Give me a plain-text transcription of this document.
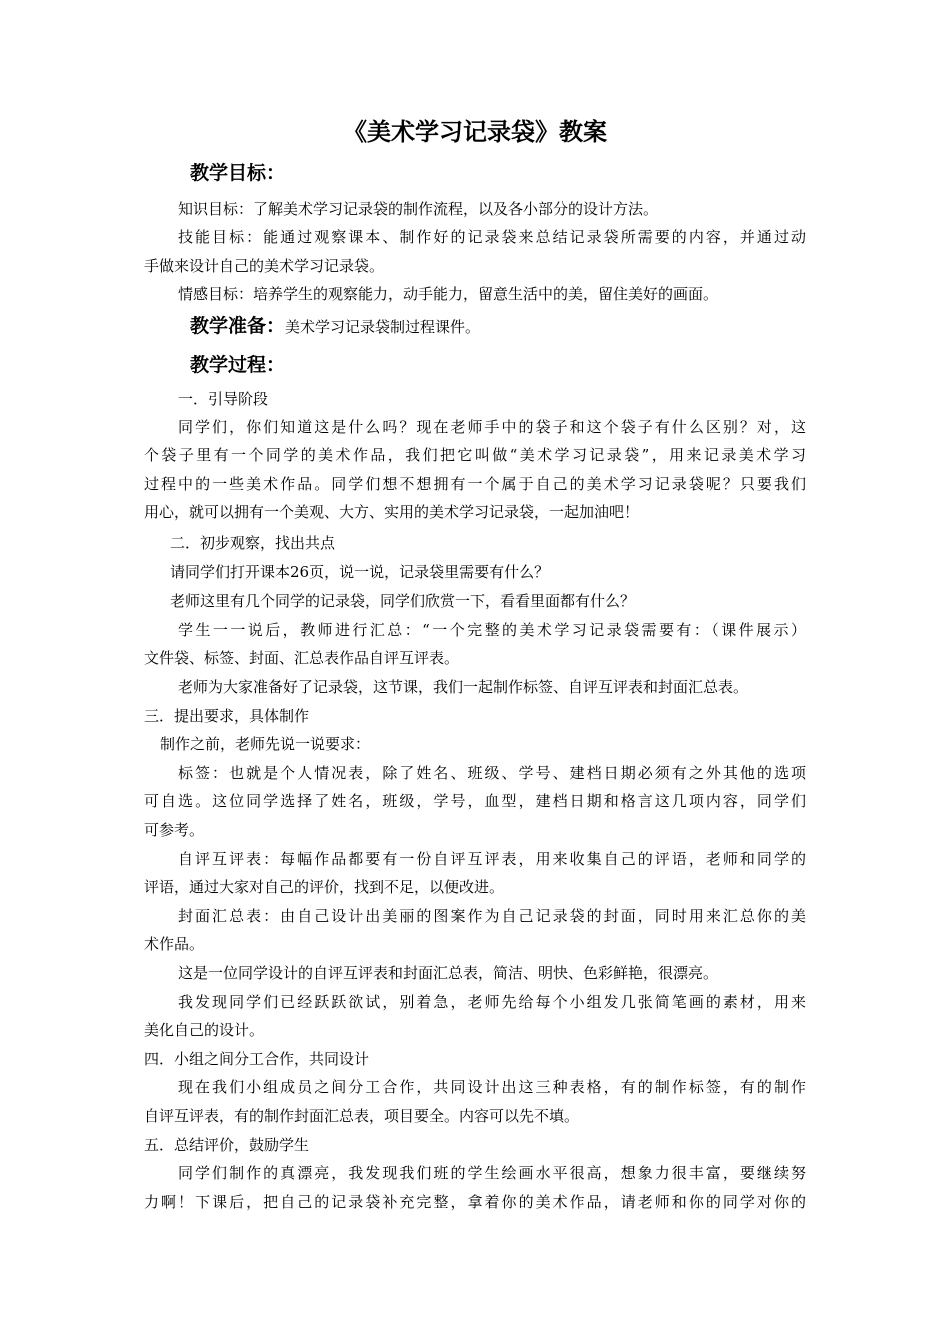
《美术学习记录袋》教案
教学目标：
知识目标：了解美术学习记录袋的制作流程，以及各小部分的设计方法。
技能目标：能通过观察课本、制作好的记录袋来总结记录袋所需要的内容，并通过动
手做来设计自己的美术学习记录袋。
情感目标：培养学生的观察能力，动手能力，留意生活中的美，留住美好的画面。
教学准备：美术学习记录袋制过程课件。
教学过程：
一．引导阶段
同学们，你们知道这是什么吗？现在老师手中的袋子和这个袋子有什么区别？对，这
个袋子里有一个同学的美术作品，我们把它叫做“美术学习记录袋”，用来记录美术学习
过程中的一些美术作品。同学们想不想拥有一个属于自己的美术学习记录袋呢？只要我们
用心，就可以拥有一个美观、大方、实用的美术学习记录袋，一起加油吧！
二．初步观察，找出共点
请同学们打开课本26页，说一说，记录袋里需要有什么？
老师这里有几个同学的记录袋，同学们欣赏一下，看看里面都有什么？
学生一一说后，教师进行汇总：“一个完整的美术学习记录袋需要有：（课件展示）
文件袋、标签、封面、汇总表作品自评互评表。
老师为大家准备好了记录袋，这节课，我们一起制作标签、自评互评表和封面汇总表。
三．提出要求，具体制作
制作之前，老师先说一说要求：
标签：也就是个人情况表，除了姓名、班级、学号、建档日期必须有之外其他的选项
可自选。这位同学选择了姓名，班级，学号，血型，建档日期和格言这几项内容，同学们
可参考。
自评互评表：每幅作品都要有一份自评互评表，用来收集自己的评语，老师和同学的
评语，通过大家对自己的评价，找到不足，以便改进。
封面汇总表：由自己设计出美丽的图案作为自己记录袋的封面，同时用来汇总你的美
术作品。
这是一位同学设计的自评互评表和封面汇总表，简洁、明快、色彩鲜艳，很漂亮。
我发现同学们已经跃跃欲试，别着急，老师先给每个小组发几张简笔画的素材，用来
美化自己的设计。
四．小组之间分工合作，共同设计
现在我们小组成员之间分工合作，共同设计出这三种表格，有的制作标签，有的制作
自评互评表，有的制作封面汇总表，项目要全。内容可以先不填。
五．总结评价，鼓励学生
同学们制作的真漂亮，我发现我们班的学生绘画水平很高，想象力很丰富，要继续努
力啊！下课后，把自己的记录袋补充完整，拿着你的美术作品，请老师和你的同学对你的
